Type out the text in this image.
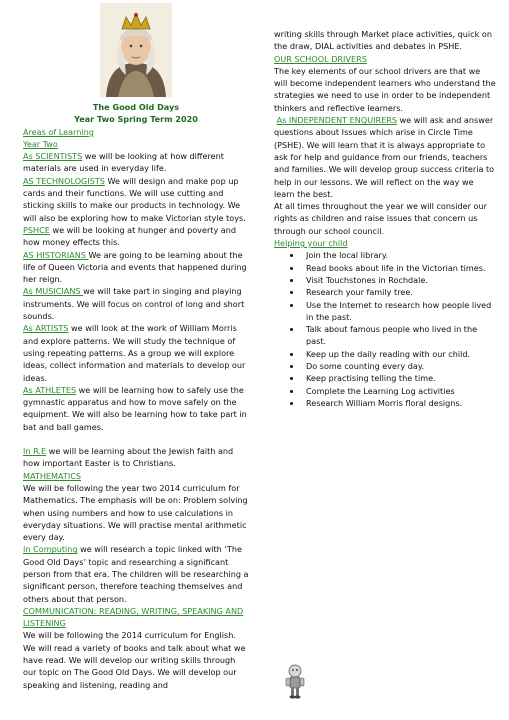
The Good Old Days
Year Two Spring Term 2020
Areas of Learning
Year Two

As SCIENTISTS we will be looking at how different materials are used in everyday life.

AS TECHNOLOGISTS We will design and make pop up cards and their functions. We will use cutting and sticking skills to make our products in technology. We will also be exploring how to make Victorian style toys.

PSHCE we will be looking at hunger and poverty and how money effects this.

AS HISTORIANS We are going to be learning about the life of Queen Victoria and events that happened during her reign.

As MUSICIANS we will take part in singing and playing instruments. We will focus on control of long and short sounds.

As ARTISTS we will look at the work of William Morris and explore patterns. We will study the technique of using repeating patterns. As a group we will explore ideas, collect information and materials to develop our ideas.

As ATHLETES we will be learning how to safely use the gymnastic apparatus and how to move safely on the equipment. We will also be learning how to take part in bat and ball games.

In R.E we will be learning about the Jewish faith and how important Easter is to Christians.

MATHEMATICS

We will be following the year two 2014 curriculum for Mathematics. The emphasis will be on: Problem solving when using numbers and how to use calculations in everyday situations. We will practise mental arithmetic every day.

In Computing we will research a topic linked with ‘The Good Old Days’ topic and researching a significant person from that era. The children will be researching a significant person, therefore teaching themselves and others about that person.

COMMUNICATION: READING, WRITING, SPEAKING AND LISTENING

We will be following the 2014 curriculum for English. We will read a variety of books and talk about what we have read. We will develop our writing skills through our topic on The Good Old Days. We will develop our speaking and listening, reading and

writing skills through Market place activities, quick on the draw, DIAL activities and debates in PSHE.

OUR SCHOOL DRIVERS

The key elements of our school drivers are that we will become independent learners who understand the strategies we need to use in order to be independent thinkers and reflective learners.

As INDEPENDENT ENQUIRERS we will ask and answer questions about Issues which arise in Circle Time (PSHE). We will learn that it is always appropriate to ask for help and guidance from our friends, teachers and families. We will develop group success criteria to help in our lessons. We will reflect on the way we learn the best.

At all times throughout the year we will consider our rights as children and raise issues that concern us through our school council.

Helping your child
• Join the local library.
• Read books about life in the Victorian times.
• Visit Touchstones in Rochdale.
• Research your family tree.
• Use the Internet to research how people lived in the past.
• Talk about famous people who lived in the past.
• Keep up the daily reading with our child.
• Do some counting every day.
• Keep practising telling the time.
• Complete the Learning Log activities
• Research William Morris floral designs.
